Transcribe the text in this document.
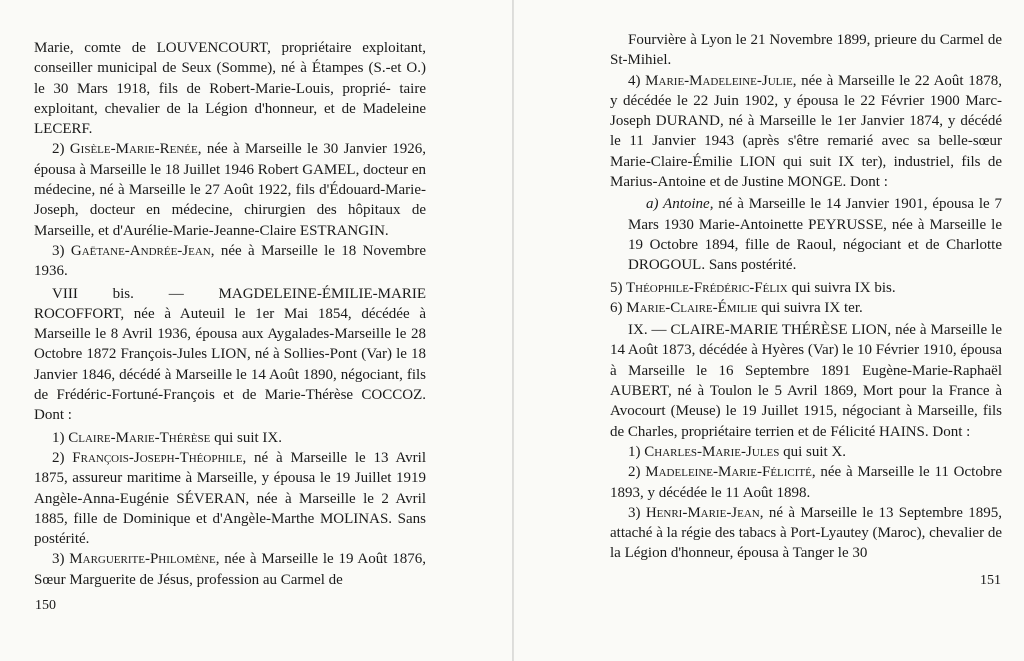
Marie, comte de LOUVENCOURT, propriétaire exploitant, conseiller municipal de Seux (Somme), né à Étampes (S.-et O.) le 30 Mars 1918, fils de Robert-Marie-Louis, proprié- taire exploitant, chevalier de la Légion d'honneur, et de Madeleine LECERF.

2) Gisèle-Marie-Renée, née à Marseille le 30 Janvier 1926, épousa à Marseille le 18 Juillet 1946 Robert GAMEL, docteur en médecine, né à Marseille le 27 Août 1922, fils d'Édouard-Marie-Joseph, docteur en médecine, chirurgien des hôpitaux de Marseille, et d'Aurélie-Marie-Jeanne-Claire ESTRANGIN.

3) Gaëtane-Andrée-Jean, née à Marseille le 18 Novembre 1936.

VIII bis. — MAGDELEINE-ÉMILIE-MARIE ROCOFFORT, née à Auteuil le 1er Mai 1854, décédée à Marseille le 8 Avril 1936, épousa aux Aygalades-Marseille le 28 Octobre 1872 François-Jules LION, né à Sollies-Pont (Var) le 18 Janvier 1846, décédé à Marseille le 14 Août 1890, négociant, fils de Frédéric-Fortuné-François et de Marie-Thérèse COCCOZ. Dont :

1) Claire-Marie-Thérèse qui suit IX.

2) François-Joseph-Théophile, né à Marseille le 13 Avril 1875, assureur maritime à Marseille, y épousa le 19 Juillet 1919 Angèle-Anna-Eugénie SÉVERAN, née à Marseille le 2 Avril 1885, fille de Dominique et d'Angèle-Marthe MOLINAS. Sans postérité.

3) Marguerite-Philomène, née à Marseille le 19 Août 1876, Sœur Marguerite de Jésus, profession au Carmel de

150

Fourvière à Lyon le 21 Novembre 1899, prieure du Carmel de St-Mihiel.

4) Marie-Madeleine-Julie, née à Marseille le 22 Août 1878, y décédée le 22 Juin 1902, y épousa le 22 Février 1900 Marc-Joseph DURAND, né à Marseille le 1er Janvier 1874, y décédé le 11 Janvier 1943 (après s'être remarié avec sa belle-sœur Marie-Claire-Émilie LION qui suit IX ter), industriel, fils de Marius-Antoine et de Justine MONGE. Dont :

a) Antoine, né à Marseille le 14 Janvier 1901, épousa le 7 Mars 1930 Marie-Antoinette PEYRUSSE, née à Marseille le 19 Octobre 1894, fille de Raoul, négociant et de Charlotte DROGOUL. Sans postérité.

5) Théophile-Frédéric-Félix qui suivra IX bis.

6) Marie-Claire-Émilie qui suivra IX ter.

IX. — CLAIRE-MARIE THÉRÈSE LION, née à Marseille le 14 Août 1873, décédée à Hyères (Var) le 10 Février 1910, épousa à Marseille le 16 Septembre 1891 Eugène-Marie-Raphaël AUBERT, né à Toulon le 5 Avril 1869, Mort pour la France à Avocourt (Meuse) le 19 Juillet 1915, négociant à Marseille, fils de Charles, propriétaire terrien et de Félicité HAINS. Dont :

1) Charles-Marie-Jules qui suit X.

2) Madeleine-Marie-Félicité, née à Marseille le 11 Octobre 1893, y décédée le 11 Août 1898.

3) Henri-Marie-Jean, né à Marseille le 13 Septembre 1895, attaché à la régie des tabacs à Port-Lyautey (Maroc), chevalier de la Légion d'honneur, épousa à Tanger le 30

151
